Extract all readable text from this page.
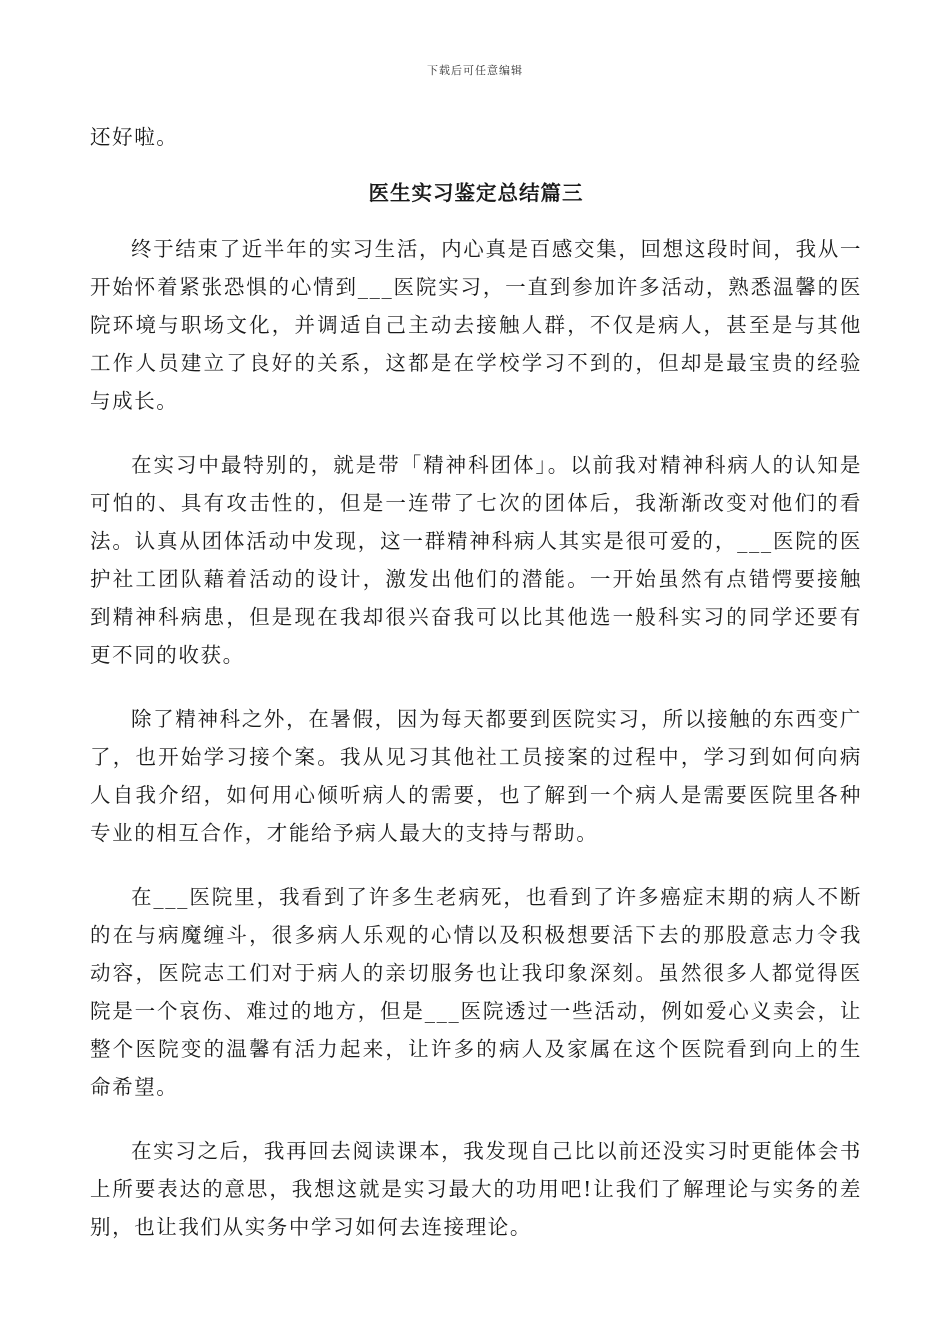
下载后可任意编辑

还好啦。

医生实习鉴定总结篇三

终于结束了近半年的实习生活，内心真是百感交集，回想这段时间，我从一开始怀着紧张恐惧的心情到___医院实习，一直到参加许多活动，熟悉温馨的医院环境与职场文化，并调适自己主动去接触人群，不仅是病人，甚至是与其他工作人员建立了良好的关系，这都是在学校学习不到的，但却是最宝贵的经验与成长。

在实习中最特别的，就是带「精神科团体」。以前我对精神科病人的认知是可怕的、具有攻击性的，但是一连带了七次的团体后，我渐渐改变对他们的看法。认真从团体活动中发现，这一群精神科病人其实是很可爱的，___医院的医护社工团队藉着活动的设计，激发出他们的潜能。一开始虽然有点错愕要接触到精神科病患，但是现在我却很兴奋我可以比其他选一般科实习的同学还要有更不同的收获。

除了精神科之外，在暑假，因为每天都要到医院实习，所以接触的东西变广了，也开始学习接个案。我从见习其他社工员接案的过程中，学习到如何向病人自我介绍，如何用心倾听病人的需要，也了解到一个病人是需要医院里各种专业的相互合作，才能给予病人最大的支持与帮助。

在___医院里，我看到了许多生老病死，也看到了许多癌症末期的病人不断的在与病魔缠斗，很多病人乐观的心情以及积极想要活下去的那股意志力令我动容，医院志工们对于病人的亲切服务也让我印象深刻。虽然很多人都觉得医院是一个哀伤、难过的地方，但是___医院透过一些活动，例如爱心义卖会，让整个医院变的温馨有活力起来，让许多的病人及家属在这个医院看到向上的生命希望。

在实习之后，我再回去阅读课本，我发现自己比以前还没实习时更能体会书上所要表达的意思，我想这就是实习最大的功用吧!让我们了解理论与实务的差别，也让我们从实务中学习如何去连接理论。
